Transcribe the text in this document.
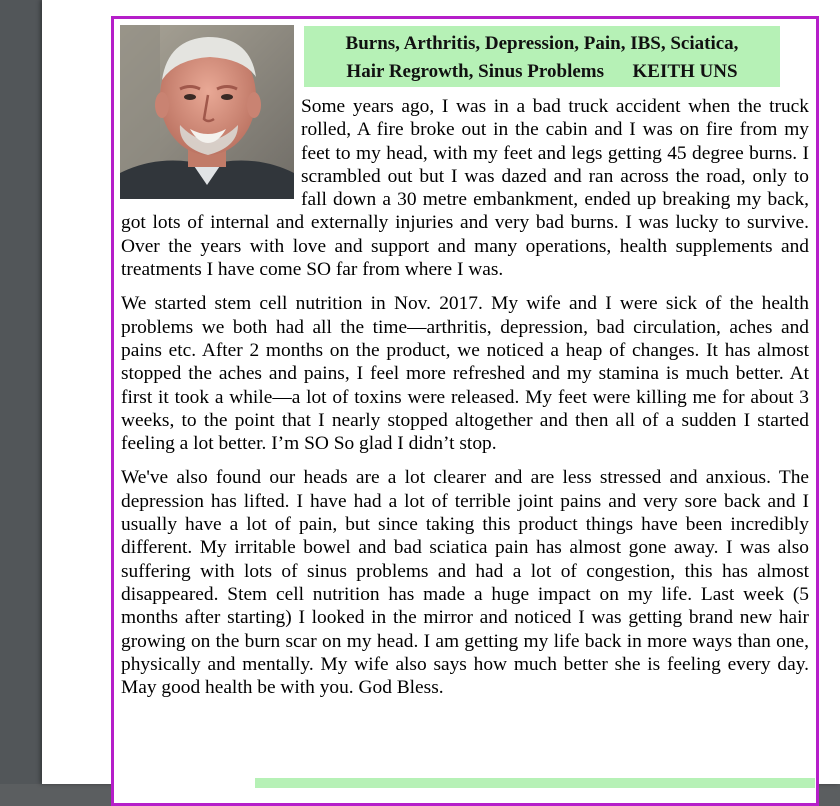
Burns, Arthritis, Depression, Pain, IBS, Sciatica,
Hair Regrowth, Sinus Problems      KEITH UNS

Some years ago, I was in a bad truck accident when the truck rolled, A fire broke out in the cabin and I was on fire from my feet to my head, with my feet and legs getting 45 degree burns. I scrambled out but I was dazed and ran across the road, only to fall down a 30 metre embankment, ended up breaking my back, got lots of internal and externally injuries and very bad burns. I was lucky to survive. Over the years with love and support and many operations, health supplements and treatments I have come SO far from where I was.

We started stem cell nutrition in Nov. 2017. My wife and I were sick of the health problems we both had all the time—arthritis, depression, bad circulation, aches and pains etc. After 2 months on the product, we noticed a heap of changes. It has almost stopped the aches and pains, I feel more refreshed and my stamina is much better. At first it took a while—a lot of toxins were released. My feet were killing me for about 3 weeks, to the point that I nearly stopped altogether and then all of a sudden I started feeling a lot better. I’m SO So glad I didn’t stop.

We've also found our heads are a lot clearer and are less stressed and anxious. The depression has lifted. I have had a lot of terrible joint pains and very sore back and I usually have a lot of pain, but since taking this product things have been incredibly different. My irritable bowel and bad sciatica pain has almost gone away. I was also suffering with lots of sinus problems and had a lot of congestion, this has almost disappeared. Stem cell nutrition has made a huge impact on my life. Last week (5 months after starting) I looked in the mirror and noticed I was getting brand new hair growing on the burn scar on my head. I am getting my life back in more ways than one, physically and mentally. My wife also says how much better she is feeling every day. May good health be with you. God Bless.
